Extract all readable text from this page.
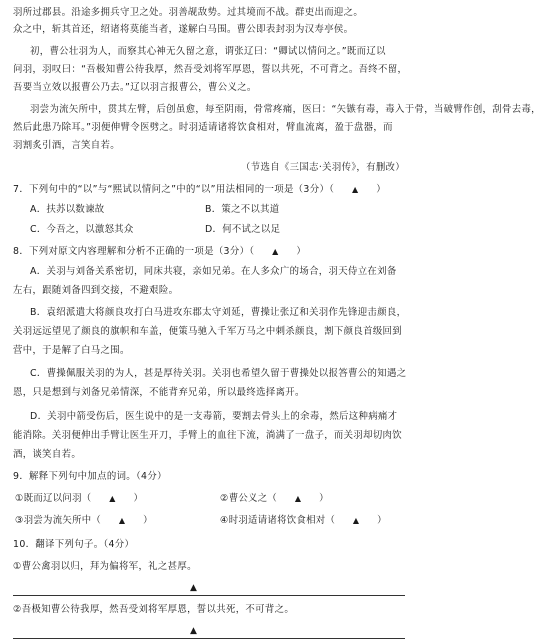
羽所过郡县。沿途多拥兵守卫之处。羽善觇敌势。过其境而不战。群吏出而迎之。
众之中，斩其首还，绍诸将莫能当者，遂解白马围。曹公即表封羽为汉寿亭侯。
初，曹公壮羽为人，而察其心神无久留之意，谓张辽曰：“卿试以情问之。”既而辽以
问羽，羽叹曰：“吾极知曹公待我厚，然吾受刘将军厚恩，誓以共死，不可背之。吾终不留，
吾要当立效以报曹公乃去。”辽以羽言报曹公，曹公义之。
羽尝为流矢所中，贯其左臂，后创虽愈，每至阴雨，骨常疼痛，医曰：“矢镞有毒，毒入于骨，当破臂作创，刮骨去毒，
然后此患乃除耳。”羽便伸臂令医劈之。时羽适请诸将饮食相对，臂血流离，盈于盘器，而
羽割炙引酒，言笑自若。
（节选自《三国志·关羽传》，有删改）
7．下列句中的“以”与“熙试以情问之”中的“以”用法相同的一项是（3分）（ ▲ ）
A．扶苏以数谏故	B．策之不以其道
C．今吾之，以激怒其众	D．何不试之以足
8．下列对原文内容理解和分析不正确的一项是（3分）（ ▲ ）
A．关羽与刘备关系密切，同床共寝，亲如兄弟。在人多众广的场合，羽天侍立在刘备
左右，跟随刘备四到交接，不避艰险。
B．袁绍派遣大将颜良攻打白马进攻东郡太守刘延，曹操让张辽和关羽作先锋迎击颜良，
关羽远远望见了颜良的旗帜和车盖，便策马驰入千军万马之中刺杀颜良，割下颜良首级回到
营中，于是解了白马之围。
C．曹操佩服关羽的为人，甚是厚待关羽。关羽也希望久留于曹操处以报答曹公的知遇之
恩，只是想到与刘备兄弟情深，不能背弃兄弟，所以最终选择离开。
D．关羽中箭受伤后，医生说中的是一支毒箭，要割去骨头上的余毒，然后这种病痛才
能消除。关羽便伸出手臂让医生开刀，手臂上的血往下流，淌满了一盘子，而关羽却切肉饮
酒，谈笑自若。
9．解释下列句中加点的词。（4分）
①既而辽以问羽（ ▲ ）	②曹公义之（ ▲ ）
③羽尝为流矢所中（ ▲ ）	④时羽适请诸将饮食相对（ ▲ ）
10．翻译下列句子。（4分）
①曹公禽羽以归，拜为偏将军，礼之甚厚。
▲
②吾极知曹公待我厚，然吾受刘将军厚恩，誓以共死，不可背之。
▲
